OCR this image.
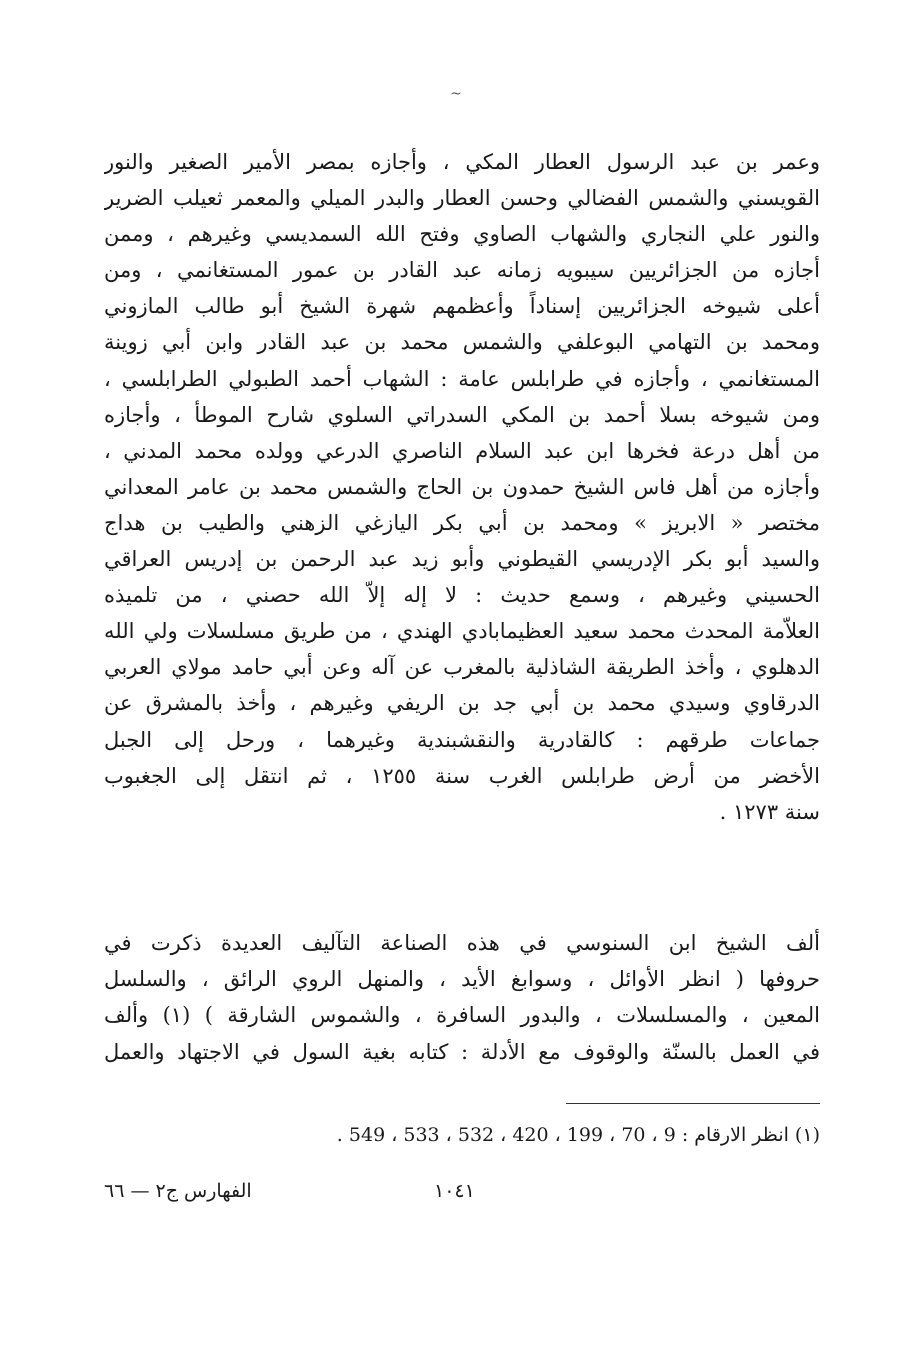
~
وعمر بن عبد الرسول العطار المكي ، وأجازه بمصر الأمير الصغير والنور
القويسني والشمس الفضالي وحسن العطار والبدر الميلي والمعمر ثعيلب الضرير
والنور علي النجاري والشهاب الصاوي وفتح الله السمديسي وغيرهم ، وممن
أجازه من الجزائريين سيبويه زمانه عبد القادر بن عمور المستغانمي ، ومن
أعلى شيوخه الجزائريين إسناداً وأعظمهم شهرة الشيخ أبو طالب المازوني
ومحمد بن التهامي البوعلفي والشمس محمد بن عبد القادر وابن أبي زوينة
المستغانمي ، وأجازه في طرابلس عامة : الشهاب أحمد الطبولي الطرابلسي ،
ومن شيوخه بسلا أحمد بن المكي السدراتي السلوي شارح الموطأ ، وأجازه
من أهل درعة فخرها ابن عبد السلام الناصري الدرعي وولده محمد المدني ،
وأجازه من أهل فاس الشيخ حمدون بن الحاج والشمس محمد بن عامر المعداني
مختصر « الابريز » ومحمد بن أبي بكر اليازغي الزهني والطيب بن هداج
والسيد أبو بكر الإدريسي القيطوني وأبو زيد عبد الرحمن بن إدريس العراقي
الحسيني وغيرهم ، وسمع حديث : لا إله إلاّ الله حصني ، من تلميذه
العلاّمة المحدث محمد سعيد العظيمابادي الهندي ، من طريق مسلسلات ولي الله
الدهلوي ، وأخذ الطريقة الشاذلية بالمغرب عن آله وعن أبي حامد مولاي العربي
الدرقاوي وسيدي محمد بن أبي جد بن الريفي وغيرهم ، وأخذ بالمشرق عن
جماعات طرقهم : كالقادرية والنقشبندية وغيرهما ، ورحل إلى الجبل
الأخضر من أرض طرابلس الغرب سنة ١٢٥٥ ، ثم انتقل إلى الجغبوب
سنة ١٢٧٣ .
ألف الشيخ ابن السنوسي في هذه الصناعة التآليف العديدة ذكرت في
حروفها ( انظر الأوائل ، وسوابغ الأيد ، والمنهل الروي الرائق ، والسلسل
المعين ، والمسلسلات ، والبدور السافرة ، والشموس الشارقة ) (١) وألف
في العمل بالسنّة والوقوف مع الأدلة : كتابه بغية السول في الاجتهاد والعمل
(١) انظر الارقام : 9 ، 70 ، 199 ، 420 ، 532 ، 533 ، 549 .
١٠٤١
الفهارس ج٢ — ٦٦
